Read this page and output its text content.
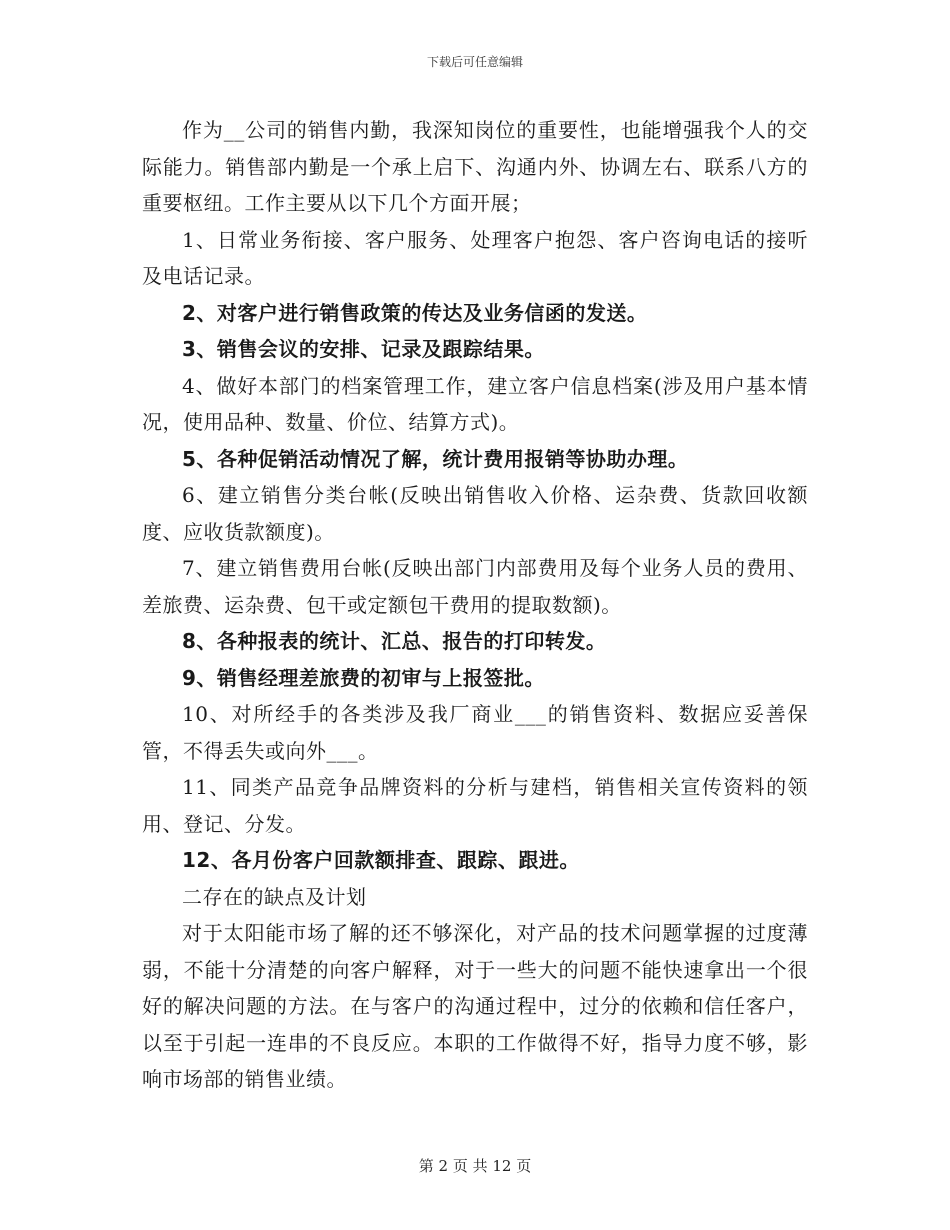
下载后可任意编辑

作为__公司的销售内勤，我深知岗位的重要性，也能增强我个人的交际能力。销售部内勤是一个承上启下、沟通内外、协调左右、联系八方的重要枢纽。工作主要从以下几个方面开展；

1、日常业务衔接、客户服务、处理客户抱怨、客户咨询电话的接听及电话记录。

2、对客户进行销售政策的传达及业务信函的发送。

3、销售会议的安排、记录及跟踪结果。

4、做好本部门的档案管理工作，建立客户信息档案(涉及用户基本情况，使用品种、数量、价位、结算方式)。

5、各种促销活动情况了解，统计费用报销等协助办理。

6、建立销售分类台帐(反映出销售收入价格、运杂费、货款回收额度、应收货款额度)。

7、建立销售费用台帐(反映出部门内部费用及每个业务人员的费用、差旅费、运杂费、包干或定额包干费用的提取数额)。

8、各种报表的统计、汇总、报告的打印转发。

9、销售经理差旅费的初审与上报签批。

10、对所经手的各类涉及我厂商业___的销售资料、数据应妥善保管，不得丢失或向外___。

11、同类产品竞争品牌资料的分析与建档，销售相关宣传资料的领用、登记、分发。

12、各月份客户回款额排查、跟踪、跟进。

二存在的缺点及计划

对于太阳能市场了解的还不够深化，对产品的技术问题掌握的过度薄弱，不能十分清楚的向客户解释，对于一些大的问题不能快速拿出一个很好的解决问题的方法。在与客户的沟通过程中，过分的依赖和信任客户，以至于引起一连串的不良反应。本职的工作做得不好，指导力度不够，影响市场部的销售业绩。

第 2 页 共 12 页
